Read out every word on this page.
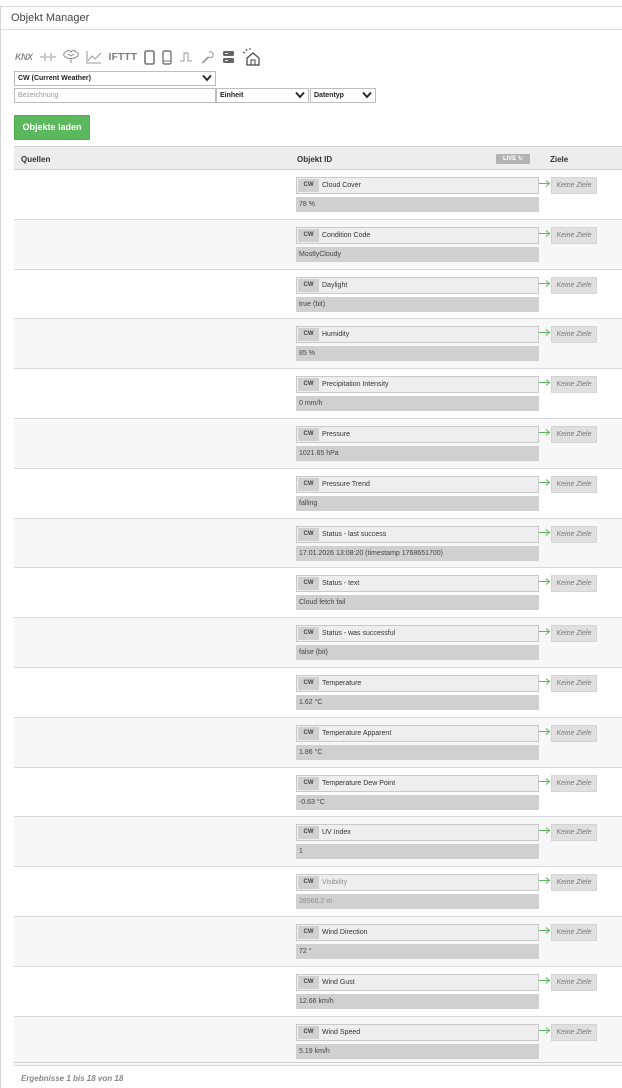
Objekt Manager
KNX	IFTTT
CW (Current Weather)
Bezeichnung	Einheit	Datentyp
Objekte laden
Quellen	Objekt ID	LIVE ↻	Ziele
CW	Cloud Cover
78 %
Keine Ziele
CW	Condition Code
MostlyCloudy
Keine Ziele
CW	Daylight
true (bit)
Keine Ziele
CW	Humidity
85 %
Keine Ziele
CW	Precipitation Intensity
0 mm/h
Keine Ziele
CW	Pressure
1021.65 hPa
Keine Ziele
CW	Pressure Trend
falling
Keine Ziele
CW	Status - last success
17.01.2026 13:08:20 (timestamp 1768651700)
Keine Ziele
CW	Status - text
Cloud fetch fail
Keine Ziele
CW	Status - was successful
false (bit)
Keine Ziele
CW	Temperature
1.62 °C
Keine Ziele
CW	Temperature Apparent
1.86 °C
Keine Ziele
CW	Temperature Dew Point
-0.63 °C
Keine Ziele
CW	UV Index
1
Keine Ziele
CW	Visibility
28566.2 m
Keine Ziele
CW	Wind Direction
72 °
Keine Ziele
CW	Wind Gust
12.66 km/h
Keine Ziele
CW	Wind Speed
5.19 km/h
Keine Ziele
Ergebnisse 1 bis 18 von 18
